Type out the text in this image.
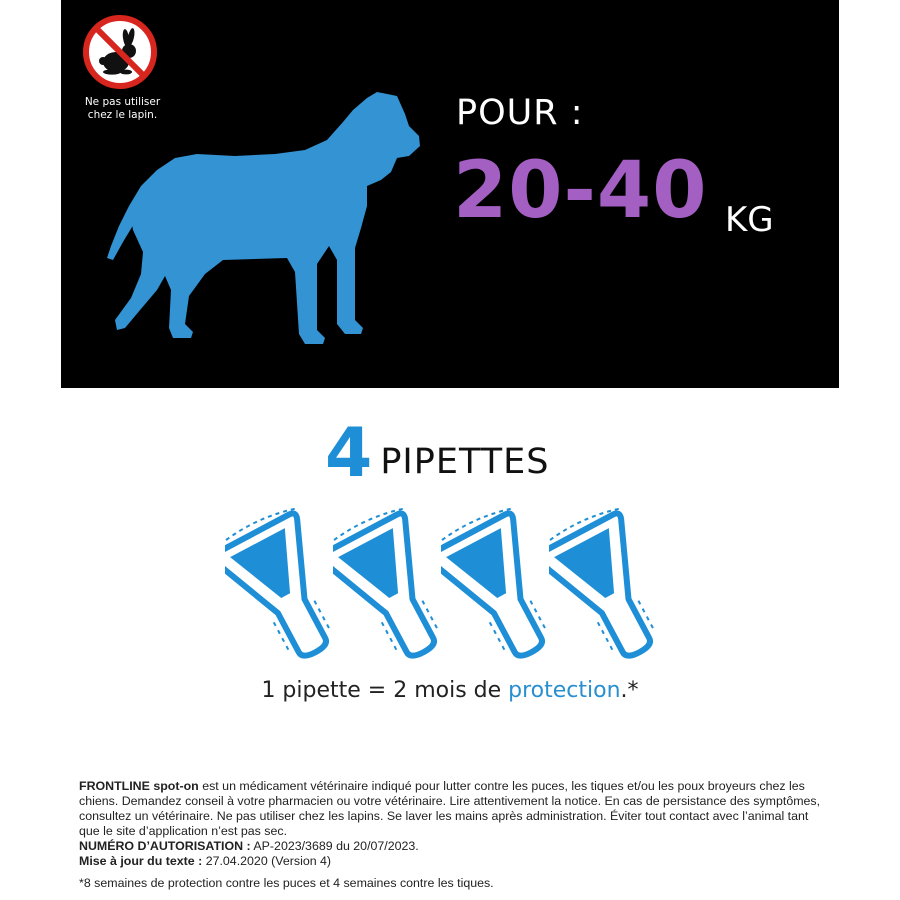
Ne pas utiliser
chez le lapin.	POUR :
20-40 KG
4 PIPETTES
1 pipette = 2 mois de protection.*

FRONTLINE spot-on est un médicament vétérinaire indiqué pour lutter contre les puces, les tiques et/ou les poux broyeurs chez les chiens. Demandez conseil à votre pharmacien ou votre vétérinaire. Lire attentivement la notice. En cas de persistance des symptômes, consultez un vétérinaire. Ne pas utiliser chez les lapins. Se laver les mains après administration. Éviter tout contact avec l’animal tant que le site d’application n’est pas sec.

NUMÉRO D’AUTORISATION : AP-2023/3689 du 20/07/2023.

Mise à jour du texte : 27.04.2020 (Version 4)

*8 semaines de protection contre les puces et 4 semaines contre les tiques.
